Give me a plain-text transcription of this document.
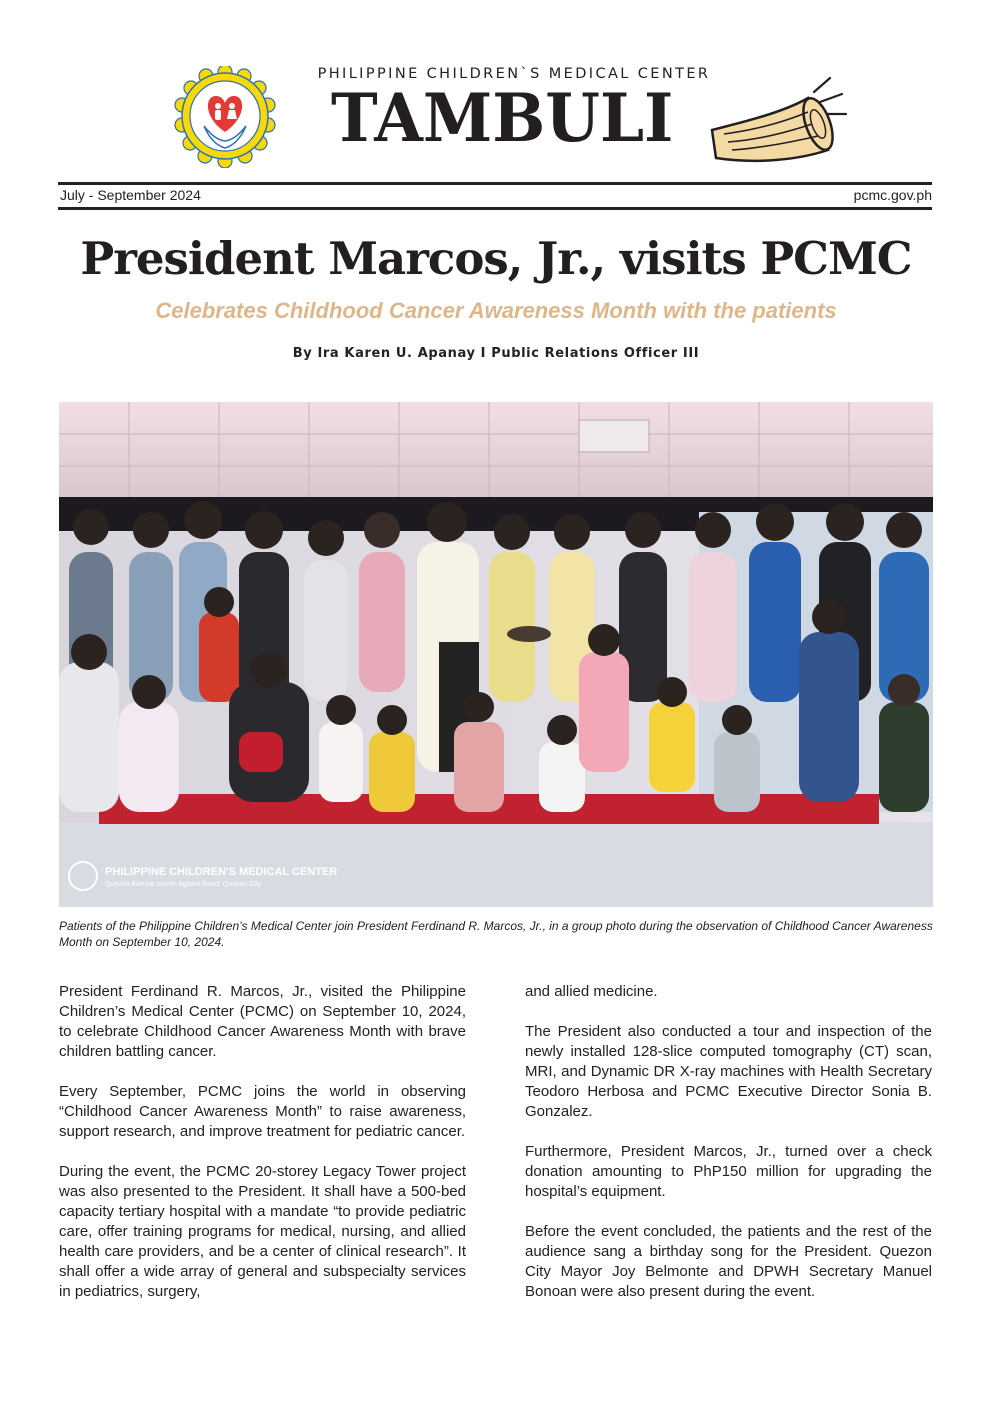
PHILIPPINE CHILDREN`S MEDICAL CENTER
TAMBULI
July - September 2024	pcmc.gov.ph
President Marcos, Jr., visits PCMC
Celebrates Childhood Cancer Awareness Month with the patients
By Ira Karen U. Apanay I Public Relations Officer III
PHILIPPINE CHILDREN'S MEDICAL CENTER
Quezon Avenue corner Agham Road, Quezon City
Patients of the Philippine Children’s Medical Center join President Ferdinand R. Marcos, Jr., in a group photo during the observation of Childhood Cancer Awareness Month on September 10, 2024.

President Ferdinand R. Marcos, Jr., visited the Philippine Children’s Medical Center (PCMC) on September 10, 2024, to celebrate Childhood Cancer Awareness Month with brave children battling cancer.

Every September, PCMC joins the world in observing “Childhood Cancer Awareness Month” to raise awareness, support research, and improve treatment for pediatric cancer.

During the event, the PCMC 20-storey Legacy Tower project was also presented to the President. It shall have a 500-bed capacity tertiary hospital with a mandate “to provide pediatric care, offer training programs for medical, nursing, and allied health care providers, and be a center of clinical research”. It shall offer a wide array of general and subspecialty services in pediatrics, surgery,

and allied medicine.

The President also conducted a tour and inspection of the newly installed 128-slice computed tomography (CT) scan, MRI, and Dynamic DR X-ray machines with Health Secretary Teodoro Herbosa and PCMC Executive Director Sonia B. Gonzalez.

Furthermore, President Marcos, Jr., turned over a check donation amounting to PhP150 million for upgrading the hospital’s equipment.

Before the event concluded, the patients and the rest of the audience sang a birthday song for the President. Quezon City Mayor Joy Belmonte and DPWH Secretary Manuel Bonoan were also present during the event.
